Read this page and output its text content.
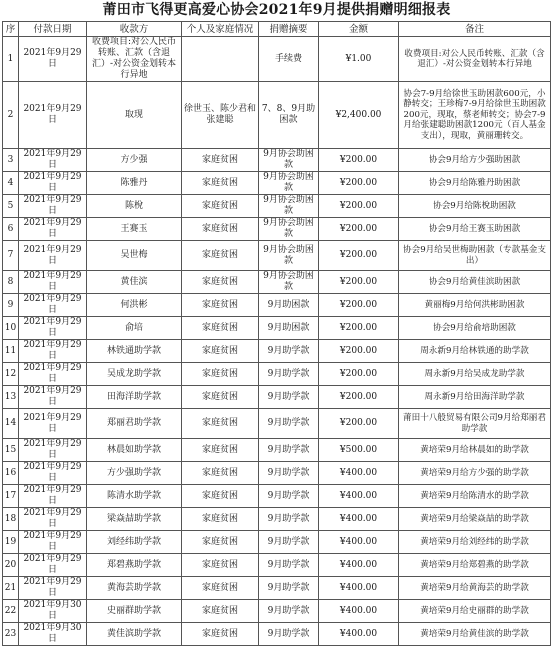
莆田市飞得更高爱心协会2021年9月提供捐赠明细报表
序	付款日期	收款方	个人及家庭情况	捐赠摘要	金额	备注
1	2021年9月29日	收费项目:对公人民币转账、汇款（含退汇）-对公资金划转本行异地		手续费	¥1.00	收费项目:对公人民币转账、汇款（含退汇）-对公资金划转本行异地
2	2021年9月29日	取现	徐世玉、陈少君和张建聪	7、8、9月助困款	¥2,400.00	协会7-9月给徐世玉助困款600元，小静转交；王珍梅7-9月给徐世玉助困款200元，现取，蔡老师转交；协会7-9月给张建聪助困款1200元（百人基金支出），现取，黄丽珊转交。
3	2021年9月29日	方少强	家庭贫困	9月协会助困款	¥200.00	协会9月给方少强助困款
4	2021年9月29日	陈雅丹	家庭贫困	9月协会助困款	¥200.00	协会9月给陈雅丹助困款
5	2021年9月29日	陈梲	家庭贫困	9月协会助困款	¥200.00	协会9月给陈梲助困款
6	2021年9月29日	王赛玉	家庭贫困	9月协会助困款	¥200.00	协会9月给王赛玉助困款
7	2021年9月29日	吴世梅	家庭贫困	9月协会助困款	¥200.00	协会9月给吴世梅助困款（专款基金支出）
8	2021年9月29日	黄佳滨	家庭贫困	9月协会助困款	¥200.00	协会9月给黄佳滨助困款
9	2021年9月29日	何洪彬	家庭贫困	9月助困款	¥200.00	黄丽梅9月给何洪彬助困款
10	2021年9月29日	俞培	家庭贫困	9月助困款	¥200.00	协会9月给俞培助困款
11	2021年9月29日	林铁通助学款	家庭贫困	9月助学款	¥200.00	周永新9月给林铁通的助学款
12	2021年9月29日	吴成龙助学款	家庭贫困	9月助学款	¥200.00	周永新9月给吴成龙助学款
13	2021年9月29日	田海洋助学款	家庭贫困	9月助学款	¥200.00	周永新9月给田海洋助学款
14	2021年9月29日	郑丽君助学款	家庭贫困	9月助学款	¥200.00	莆田十八般贸易有限公司9月给郑丽君助学款
15	2021年9月29日	林晨如助学款	家庭贫困	9月助学款	¥500.00	黄培荣9月给林晨如的助学款
16	2021年9月29日	方少强助学款	家庭贫困	9月助学款	¥400.00	黄培荣9月给方少强的助学款
17	2021年9月29日	陈清水助学款	家庭贫困	9月助学款	¥400.00	黄培荣9月给陈清水的助学款
18	2021年9月29日	梁焱喆助学款	家庭贫困	9月助学款	¥400.00	黄培荣9月给梁焱喆的助学款
19	2021年9月29日	刘经纬助学款	家庭贫困	9月助学款	¥400.00	黄培荣9月给刘经纬的助学款
20	2021年9月29日	郑碧燕助学款	家庭贫困	9月助学款	¥400.00	黄培荣9月给郑碧燕的助学款
21	2021年9月29日	黄海芸助学款	家庭贫困	9月助学款	¥400.00	黄培荣9月给黄海芸的助学款
22	2021年9月30日	史丽群助学款	家庭贫困	9月助学款	¥400.00	黄培荣9月给史丽群的助学款
23	2021年9月30日	黄佳滨助学款	家庭贫困	9月助学款	¥400.00	黄培荣9月给黄佳滨的助学款
